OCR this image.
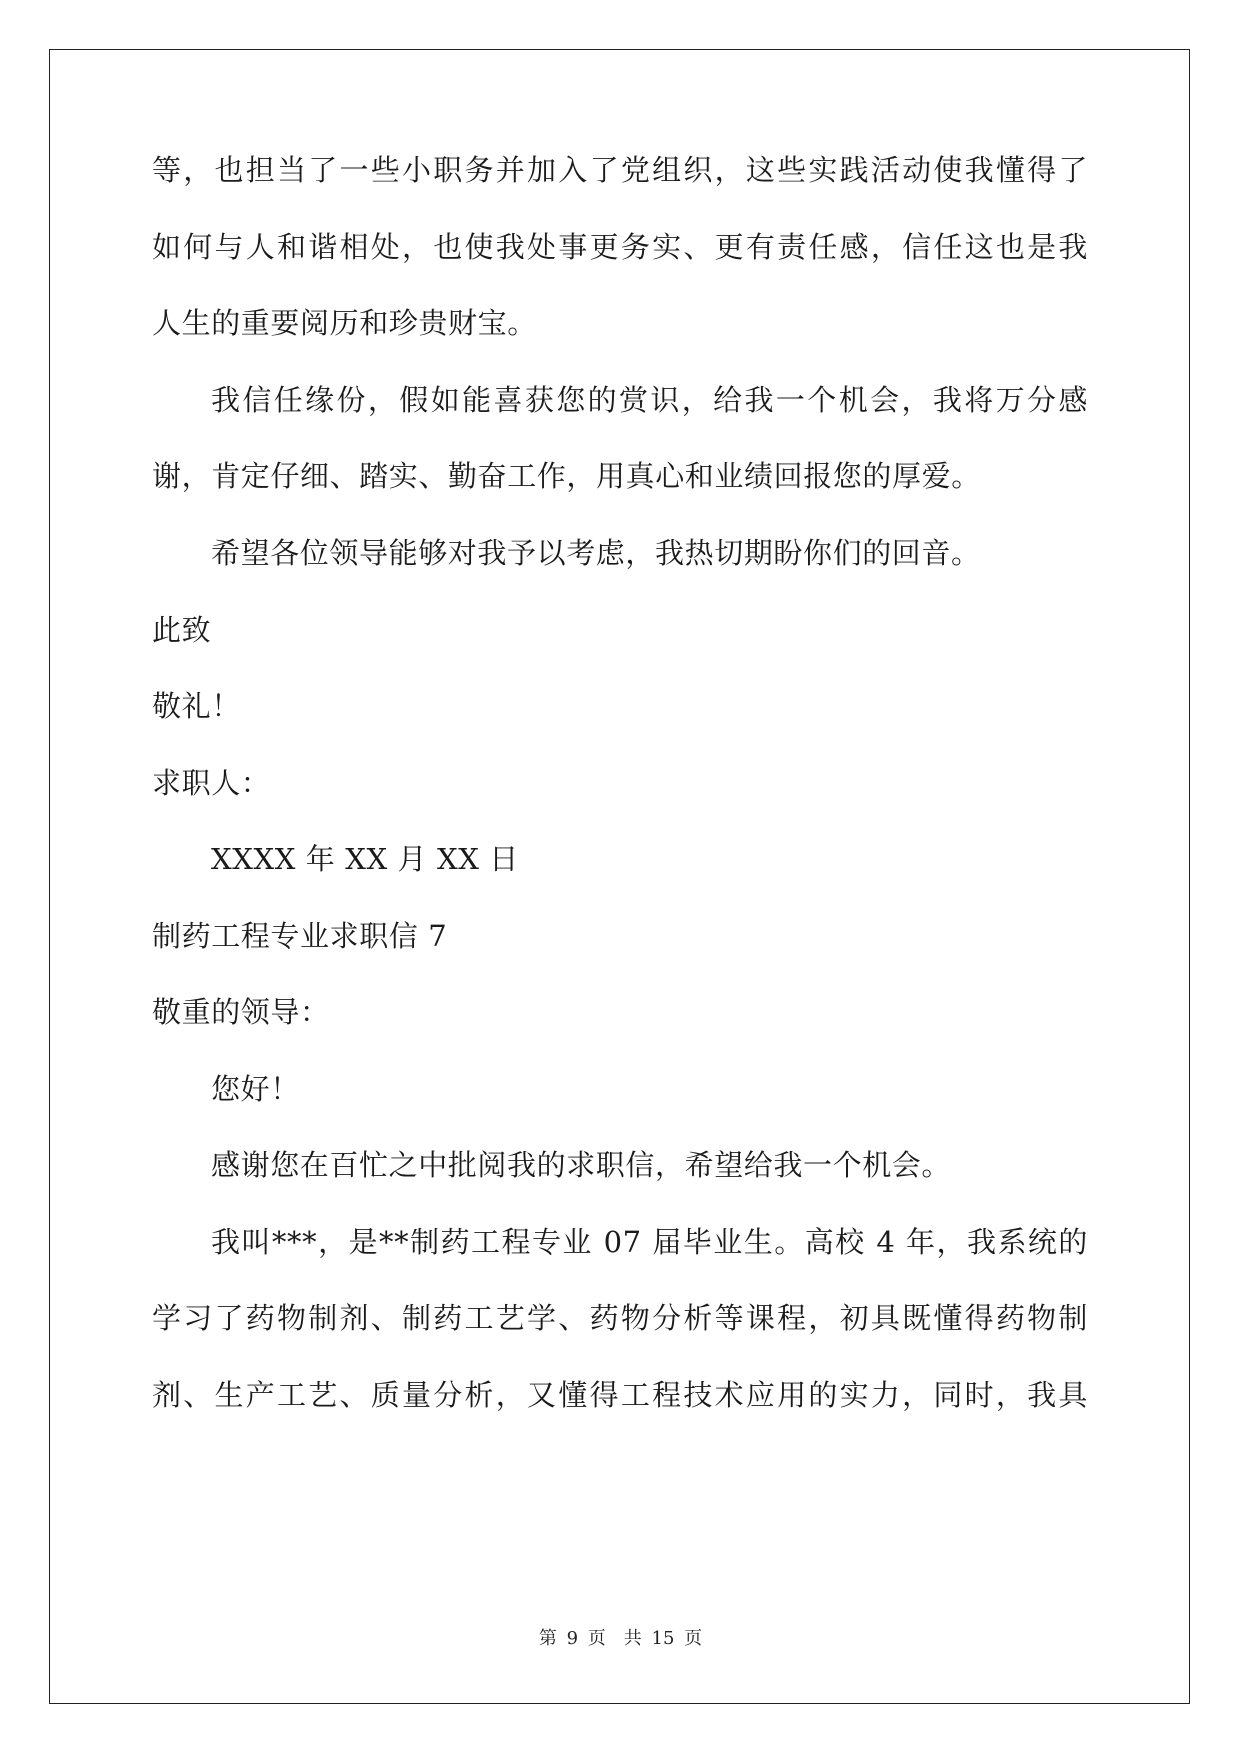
等，也担当了一些小职务并加入了党组织，这些实践活动使我懂得了
如何与人和谐相处，也使我处事更务实、更有责任感，信任这也是我
人生的重要阅历和珍贵财宝。
我信任缘份，假如能喜获您的赏识，给我一个机会，我将万分感
谢，肯定仔细、踏实、勤奋工作，用真心和业绩回报您的厚爱。
希望各位领导能够对我予以考虑，我热切期盼你们的回音。
此致
敬礼！
求职人：
XXXX 年 XX 月 XX 日
制药工程专业求职信 7
敬重的领导：
您好！
感谢您在百忙之中批阅我的求职信，希望给我一个机会。
我叫***，是**制药工程专业 07 届毕业生。高校 4 年，我系统的
学习了药物制剂、制药工艺学、药物分析等课程，初具既懂得药物制
剂、生产工艺、质量分析，又懂得工程技术应用的实力，同时，我具
第 9 页　共 15 页
